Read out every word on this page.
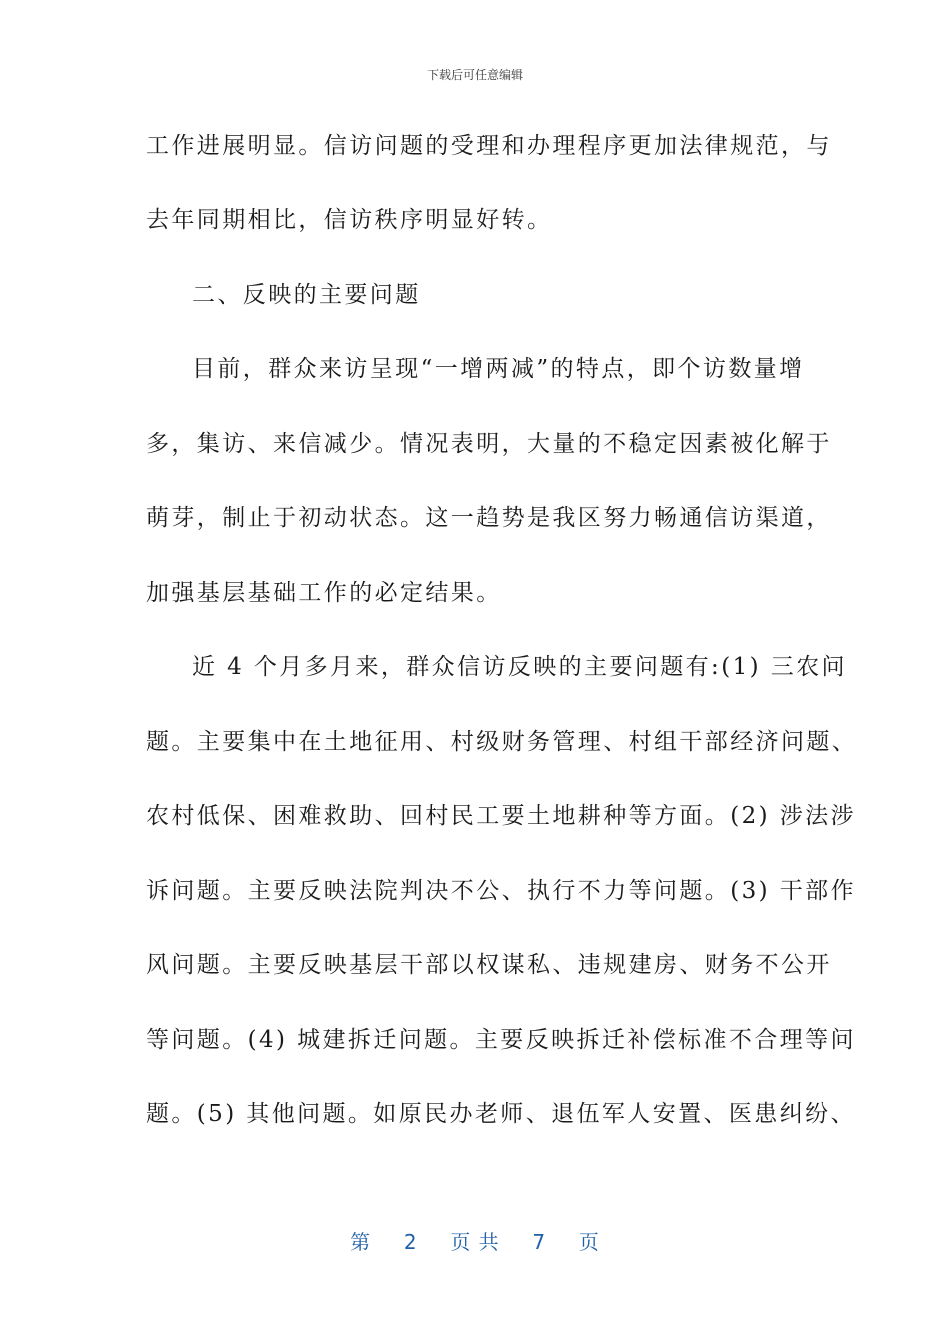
下载后可任意编辑
工作进展明显。信访问题的受理和办理程序更加法律规范，与
去年同期相比，信访秩序明显好转。
二、反映的主要问题
目前，群众来访呈现“一增两减”的特点，即个访数量增
多，集访、来信减少。情况表明，大量的不稳定因素被化解于
萌芽，制止于初动状态。这一趋势是我区努力畅通信访渠道，
加强基层基础工作的必定结果。
近 4 个月多月来，群众信访反映的主要问题有:(1) 三农问
题。主要集中在土地征用、村级财务管理、村组干部经济问题、
农村低保、困难救助、回村民工要土地耕种等方面。(2) 涉法涉
诉问题。主要反映法院判决不公、执行不力等问题。(3) 干部作
风问题。主要反映基层干部以权谋私、违规建房、财务不公开
等问题。(4) 城建拆迁问题。主要反映拆迁补偿标准不合理等问
题。(5) 其他问题。如原民办老师、退伍军人安置、医患纠纷、
第 2 页 共 7 页
